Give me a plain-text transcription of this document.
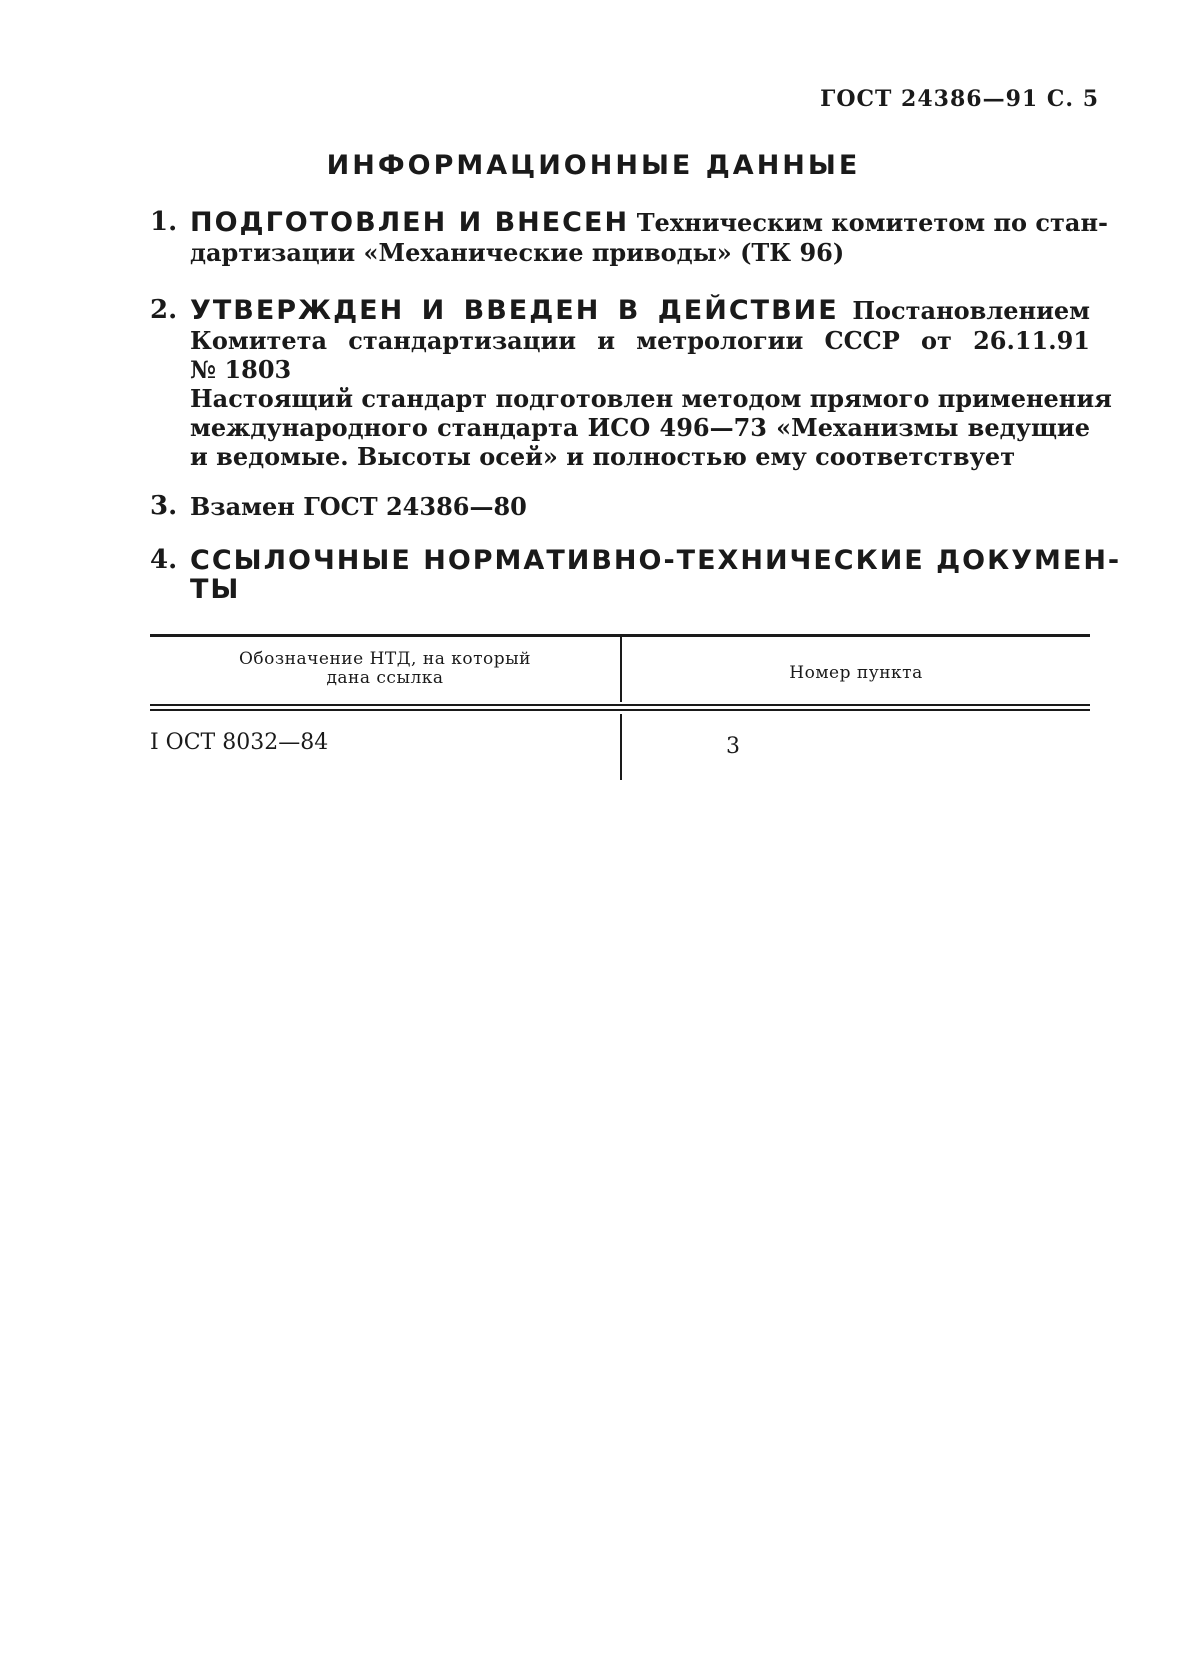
ГОСТ 24386—91 С. 5
ИНФОРМАЦИОННЫЕ ДАННЫЕ
1. ПОДГОТОВЛЕН И ВНЕСЕН Техническим комитетом по стан-
дартизации «Механические приводы» (ТК 96)
2. УТВЕРЖДЕН И ВВЕДЕН В ДЕЙСТВИЕ Постановлением
Комитета стандартизации и метрологии СССР от 26.11.91
№ 1803
Настоящий стандарт подготовлен методом прямого применения
международного стандарта ИСО 496—73 «Механизмы ведущие
и ведомые. Высоты осей» и полностью ему соответствует
3. Взамен ГОСТ 24386—80
4. ССЫЛОЧНЫЕ НОРМАТИВНО-ТЕХНИЧЕСКИЕ ДОКУМЕН-
ТЫ
Обозначение НТД, на который
дана ссылка	Номер пункта
I ОСТ 8032—84	3
